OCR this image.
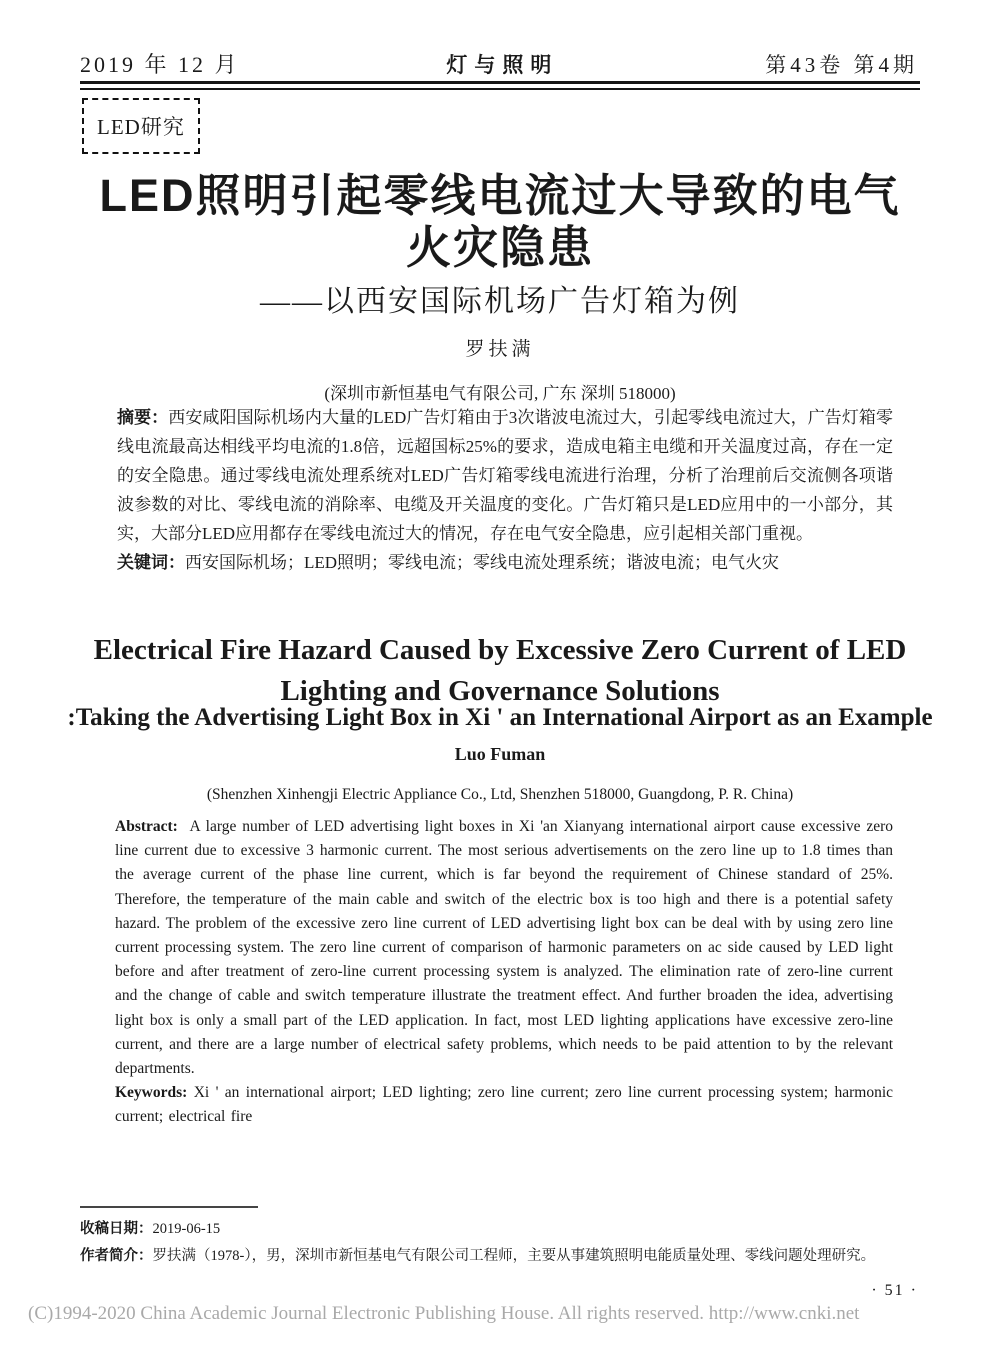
2019 年 12 月	灯与照明	第43卷 第4期
LED研究
LED照明引起零线电流过大导致的电气
火灾隐患
——以西安国际机场广告灯箱为例
罗扶满
(深圳市新恒基电气有限公司, 广东 深圳 518000)

摘要：西安咸阳国际机场内大量的LED广告灯箱由于3次谐波电流过大，引起零线电流过大，广告灯箱零线电流最高达相线平均电流的1.8倍，远超国标25%的要求，造成电箱主电缆和开关温度过高，存在一定的安全隐患。通过零线电流处理系统对LED广告灯箱零线电流进行治理，分析了治理前后交流侧各项谐波参数的对比、零线电流的消除率、电缆及开关温度的变化。广告灯箱只是LED应用中的一小部分，其实，大部分LED应用都存在零线电流过大的情况，存在电气安全隐患，应引起相关部门重视。

关键词：西安国际机场；LED照明；零线电流；零线电流处理系统；谐波电流；电气火灾

Electrical Fire Hazard Caused by Excessive Zero Current of LED
Lighting and Governance Solutions
:Taking the Advertising Light Box in Xi ' an International Airport as an Example
Luo Fuman
(Shenzhen Xinhengji Electric Appliance Co., Ltd, Shenzhen 518000, Guangdong, P. R. China)

Abstract: A large number of LED advertising light boxes in Xi 'an Xianyang international airport cause excessive zero line current due to excessive 3 harmonic current. The most serious advertisements on the zero line up to 1.8 times than the average current of the phase line current, which is far beyond the requirement of Chinese standard of 25%. Therefore, the temperature of the main cable and switch of the electric box is too high and there is a potential safety hazard. The problem of the excessive zero line current of LED advertising light box can be deal with by using zero line current processing system. The zero line current of comparison of harmonic parameters on ac side caused by LED light before and after treatment of zero-line current processing system is analyzed. The elimination rate of zero-line current and the change of cable and switch temperature illustrate the treatment effect. And further broaden the idea, advertising light box is only a small part of the LED application. In fact, most LED lighting applications have excessive zero-line current, and there are a large number of electrical safety problems, which needs to be paid attention to by the relevant departments.

Keywords: Xi ' an international airport; LED lighting; zero line current; zero line current processing system; harmonic current; electrical fire

收稿日期：2019-06-15
作者简介：罗扶满（1978-），男，深圳市新恒基电气有限公司工程师，主要从事建筑照明电能质量处理、零线问题处理研究。
· 51 ·
(C)1994-2020 China Academic Journal Electronic Publishing House. All rights reserved. http://www.cnki.net
